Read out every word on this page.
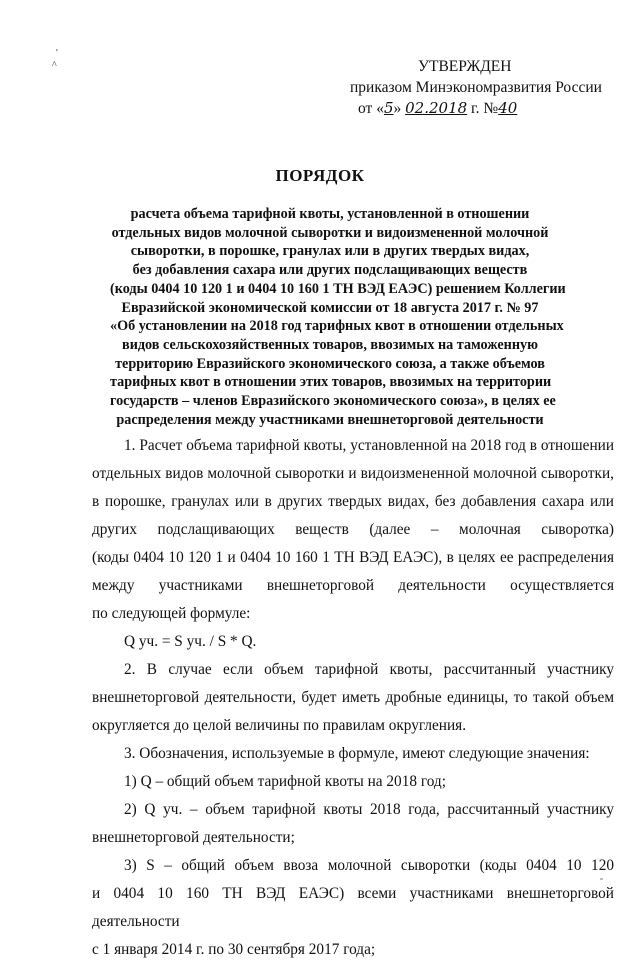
'
^	УТВЕРЖДЕН
приказом Минэкономразвития России
от «5» 02.2018 г. №40
ПОРЯДОК
расчета объема тарифной квоты, установленной в отношении
отдельных видов молочной сыворотки и видоизмененной молочной
сыворотки, в порошке, гранулах или в других твердых видах,
без добавления сахара или других подслащивающих веществ
(коды 0404 10 120 1 и 0404 10 160 1 ТН ВЭД ЕАЭС) решением Коллегии
Евразийской экономической комиссии от 18 августа 2017 г. № 97
«Об установлении на 2018 год тарифных квот в отношении отдельных
видов сельскохозяйственных товаров, ввозимых на таможенную
территорию Евразийского экономического союза, а также объемов
тарифных квот в отношении этих товаров, ввозимых на территории
государств – членов Евразийского экономического союза», в целях ее
распределения между участниками внешнеторговой деятельности

1. Расчет объема тарифной квоты, установленной на 2018 год в отношении

отдельных видов молочной сыворотки и видоизмененной молочной сыворотки,

в порошке, гранулах или в других твердых видах, без добавления сахара или

других подслащивающих веществ (далее – молочная сыворотка)

(коды 0404 10 120 1 и 0404 10 160 1 ТН ВЭД ЕАЭС), в целях ее распределения

между участниками внешнеторговой деятельности осуществляется

по следующей формуле:

Q уч. = S уч. / S * Q.

2. В случае если объем тарифной квоты, рассчитанный участнику

внешнеторговой деятельности, будет иметь дробные единицы, то такой объем

округляется до целой величины по правилам округления.

3. Обозначения, используемые в формуле, имеют следующие значения:

1) Q – общий объем тарифной квоты на 2018 год;

2) Q уч. – объем тарифной квоты 2018 года, рассчитанный участнику

внешнеторговой деятельности;

3) S – общий объем ввоза молочной сыворотки (коды 0404 10 120

и 0404 10 160 ТН ВЭД ЕАЭС) всеми участниками внешнеторговой деятельности

с 1 января 2014 г. по 30 сентября 2017 года;
